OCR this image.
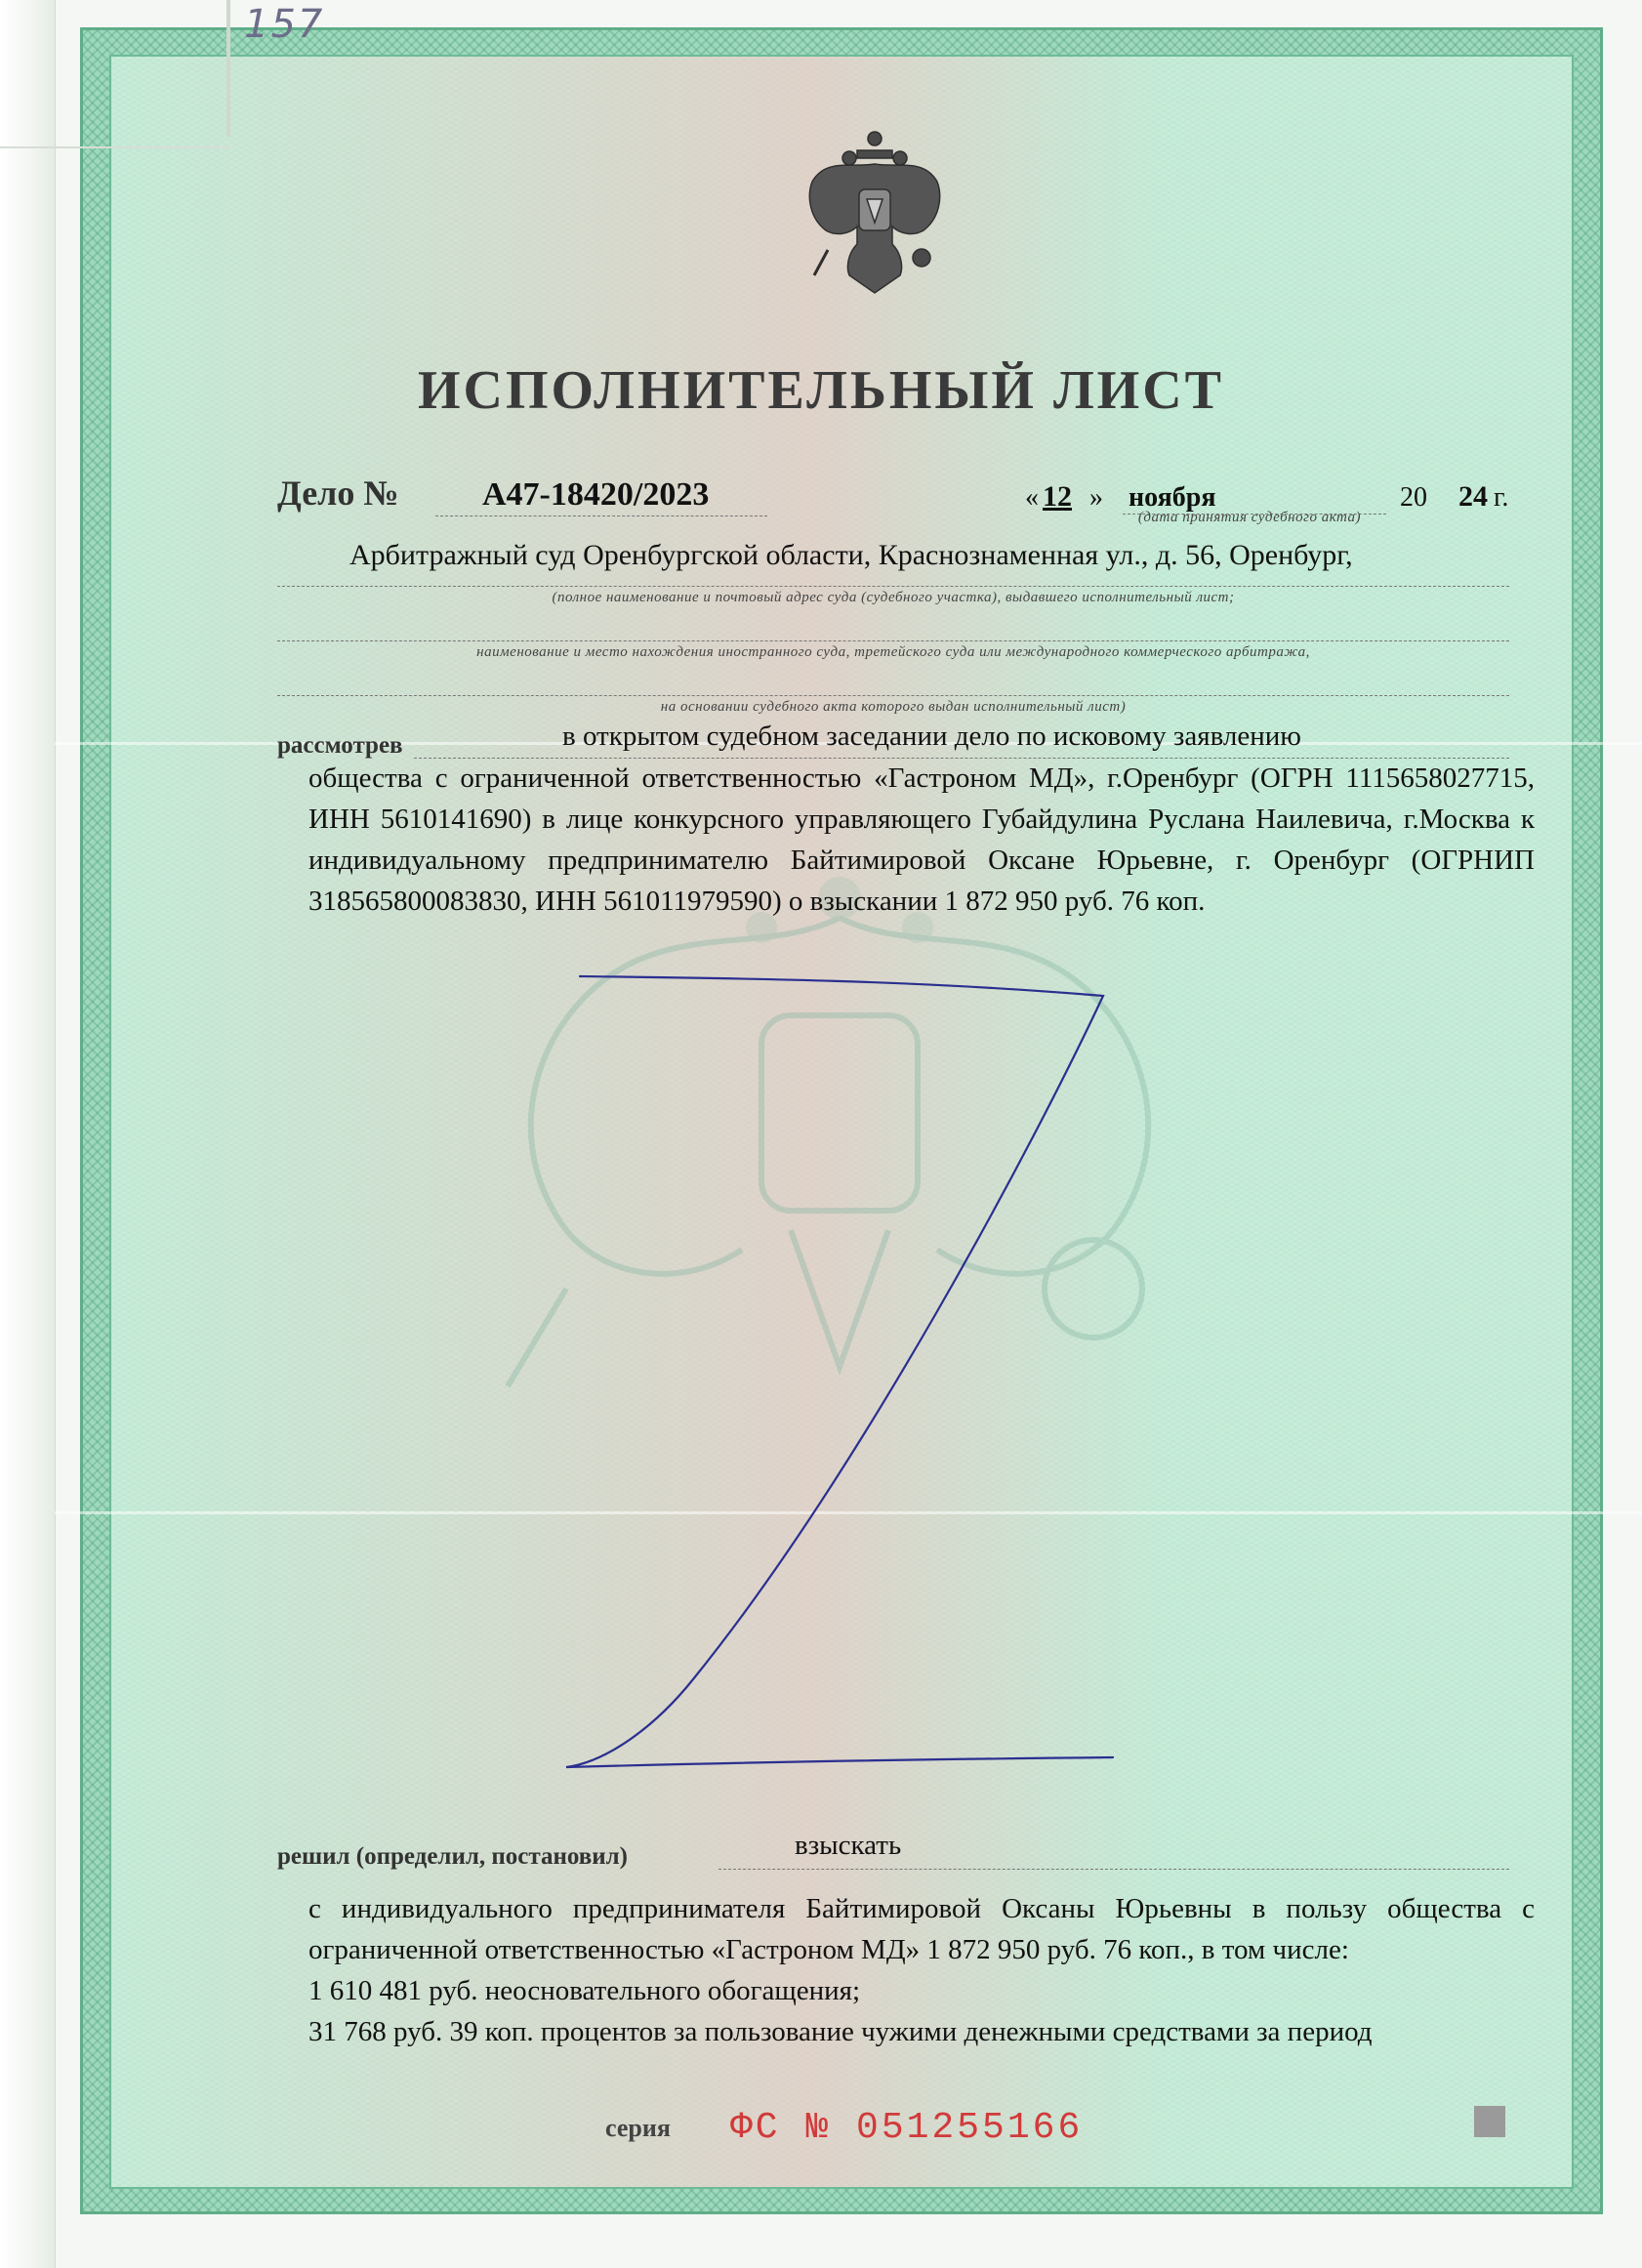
157
ИСПОЛНИТЕЛЬНЫЙ ЛИСТ
Дело №	А47-18420/2023	« 12 » ноября	20 24 г.
(дата принятия судебного акта)
Арбитражный суд Оренбургской области, Краснознаменная ул., д. 56, Оренбург,
(полное наименование и почтовый адрес суда (судебного участка), выдавшего исполнительный лист;
наименование и место нахождения иностранного суда, третейского суда или международного коммерческого арбитража,
на основании судебного акта которого выдан исполнительный лист)
рассмотрев	в открытом судебном заседании дело по исковому заявлению

общества с ограниченной ответственностью «Гастроном МД», г.Оренбург (ОГРН 1115658027715, ИНН 5610141690) в лице конкурсного управляющего Губайдулина Руслана Наилевича, г.Москва к индивидуальному предпринимателю Байтимировой Оксане Юрьевне, г. Оренбург (ОГРНИП 318565800083830, ИНН 561011979590) о взыскании 1 872 950 руб. 76 коп.

решил (определил, постановил)	взыскать

с индивидуального предпринимателя Байтимировой Оксаны Юрьевны в пользу общества с ограниченной ответственностью «Гастроном МД» 1 872 950 руб. 76 коп., в том числе:

1 610 481 руб. неосновательного обогащения;

31 768 руб. 39 коп. процентов за пользование чужими денежными средствами за период

серия ФС № 051255166
